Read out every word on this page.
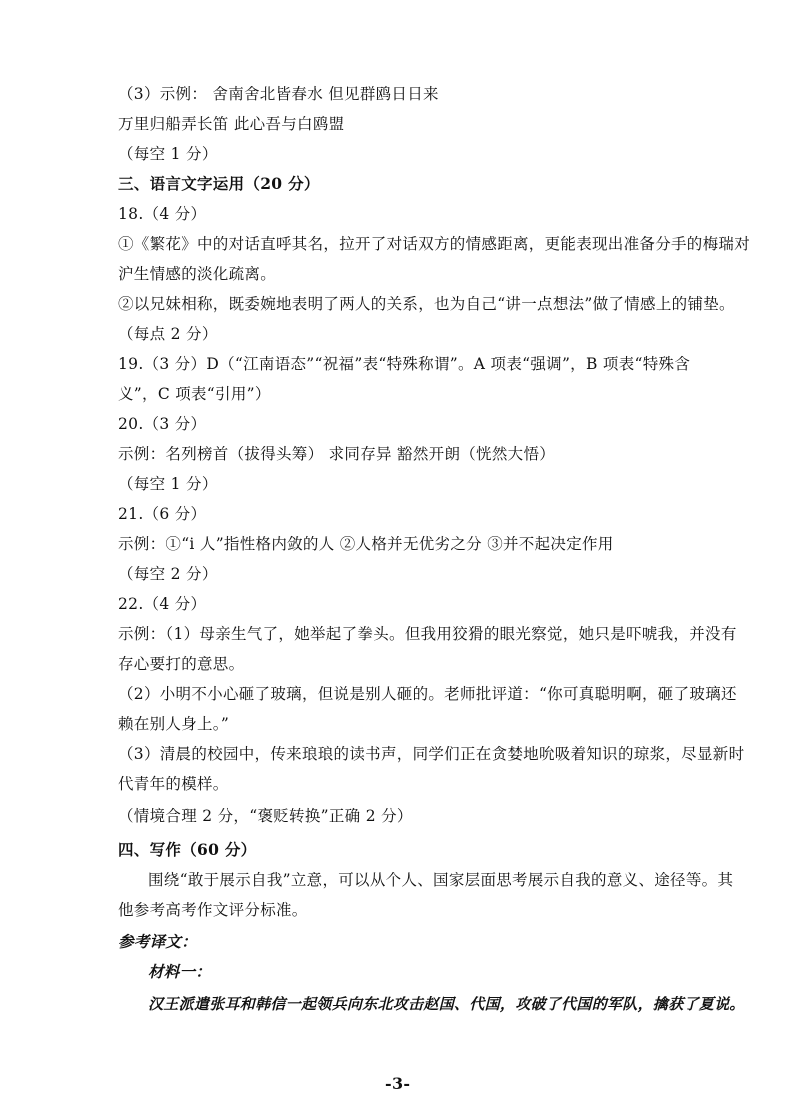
（3）示例： 舍南舍北皆春水 但见群鸥日日来
万里归船弄长笛 此心吾与白鸥盟
（每空 1 分）
三、语言文字运用（20 分）
18.（4 分）
①《繁花》中的对话直呼其名，拉开了对话双方的情感距离，更能表现出准备分手的梅瑞对
沪生情感的淡化疏离。
②以兄妹相称，既委婉地表明了两人的关系，也为自己“讲一点想法”做了情感上的铺垫。
（每点 2 分）
19.（3 分）D（“江南语态”“祝福”表“特殊称谓”。A 项表“强调”，B 项表“特殊含
义”，C 项表“引用”）
20.（3 分）
示例：名列榜首（拔得头筹） 求同存异 豁然开朗（恍然大悟）
（每空 1 分）
21.（6 分）
示例：①“i 人”指性格内敛的人 ②人格并无优劣之分 ③并不起决定作用
（每空 2 分）
22.（4 分）
示例：（1）母亲生气了，她举起了拳头。但我用狡猾的眼光察觉，她只是吓唬我，并没有
存心要打的意思。
（2）小明不小心砸了玻璃，但说是别人砸的。老师批评道：“你可真聪明啊，砸了玻璃还
赖在别人身上。”
（3）清晨的校园中，传来琅琅的读书声，同学们正在贪婪地吮吸着知识的琼浆，尽显新时
代青年的模样。
（情境合理 2 分，“褒贬转换”正确 2 分）
四、写作（60 分）
围绕“敢于展示自我”立意，可以从个人、国家层面思考展示自我的意义、途径等。其
他参考高考作文评分标准。
参考译文：
材料一：
汉王派遣张耳和韩信一起领兵向东北攻击赵国、代国，攻破了代国的军队，擒获了夏说。
-3-
